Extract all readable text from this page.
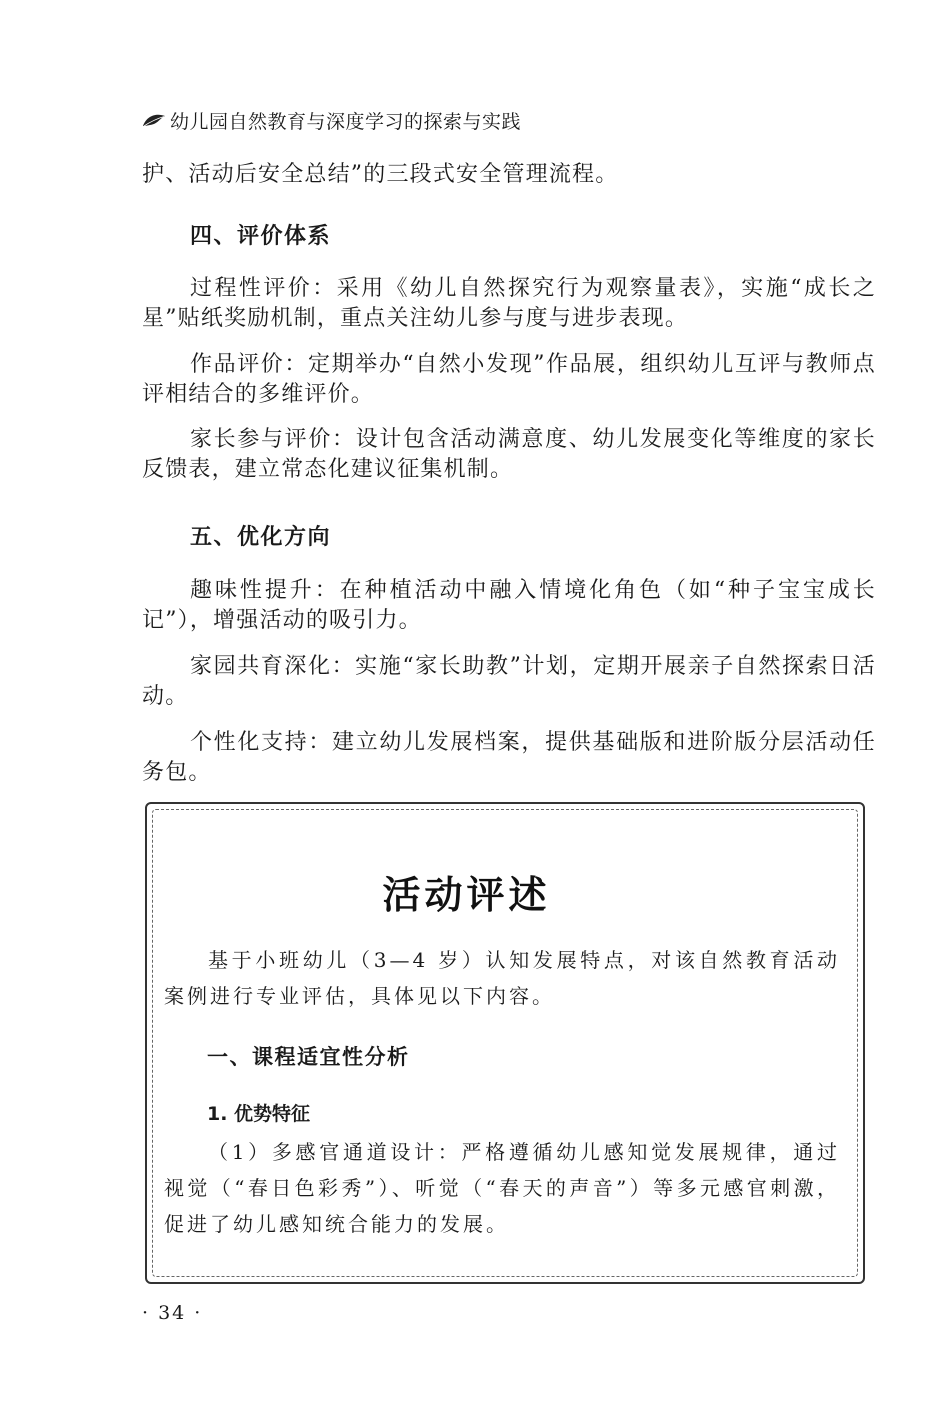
幼儿园自然教育与深度学习的探索与实践

护、活动后安全总结”的三段式安全管理流程。

四、评价体系

过程性评价：采用《幼儿自然探究行为观察量表》，实施“成长之星”贴纸奖励机制，重点关注幼儿参与度与进步表现。

作品评价：定期举办“自然小发现”作品展，组织幼儿互评与教师点评相结合的多维评价。

家长参与评价：设计包含活动满意度、幼儿发展变化等维度的家长反馈表，建立常态化建议征集机制。

五、优化方向

趣味性提升：在种植活动中融入情境化角色（如“种子宝宝成长记”），增强活动的吸引力。

家园共育深化：实施“家长助教”计划，定期开展亲子自然探索日活动。

个性化支持：建立幼儿发展档案，提供基础版和进阶版分层活动任务包。

活动评述

基于小班幼儿（3—4 岁）认知发展特点，对该自然教育活动案例进行专业评估，具体见以下内容。

一、课程适宜性分析
1. 优势特征

（1）多感官通道设计：严格遵循幼儿感知觉发展规律，通过视觉（“春日色彩秀”）、听觉（“春天的声音”）等多元感官刺激，促进了幼儿感知统合能力的发展。

· 34 ·
